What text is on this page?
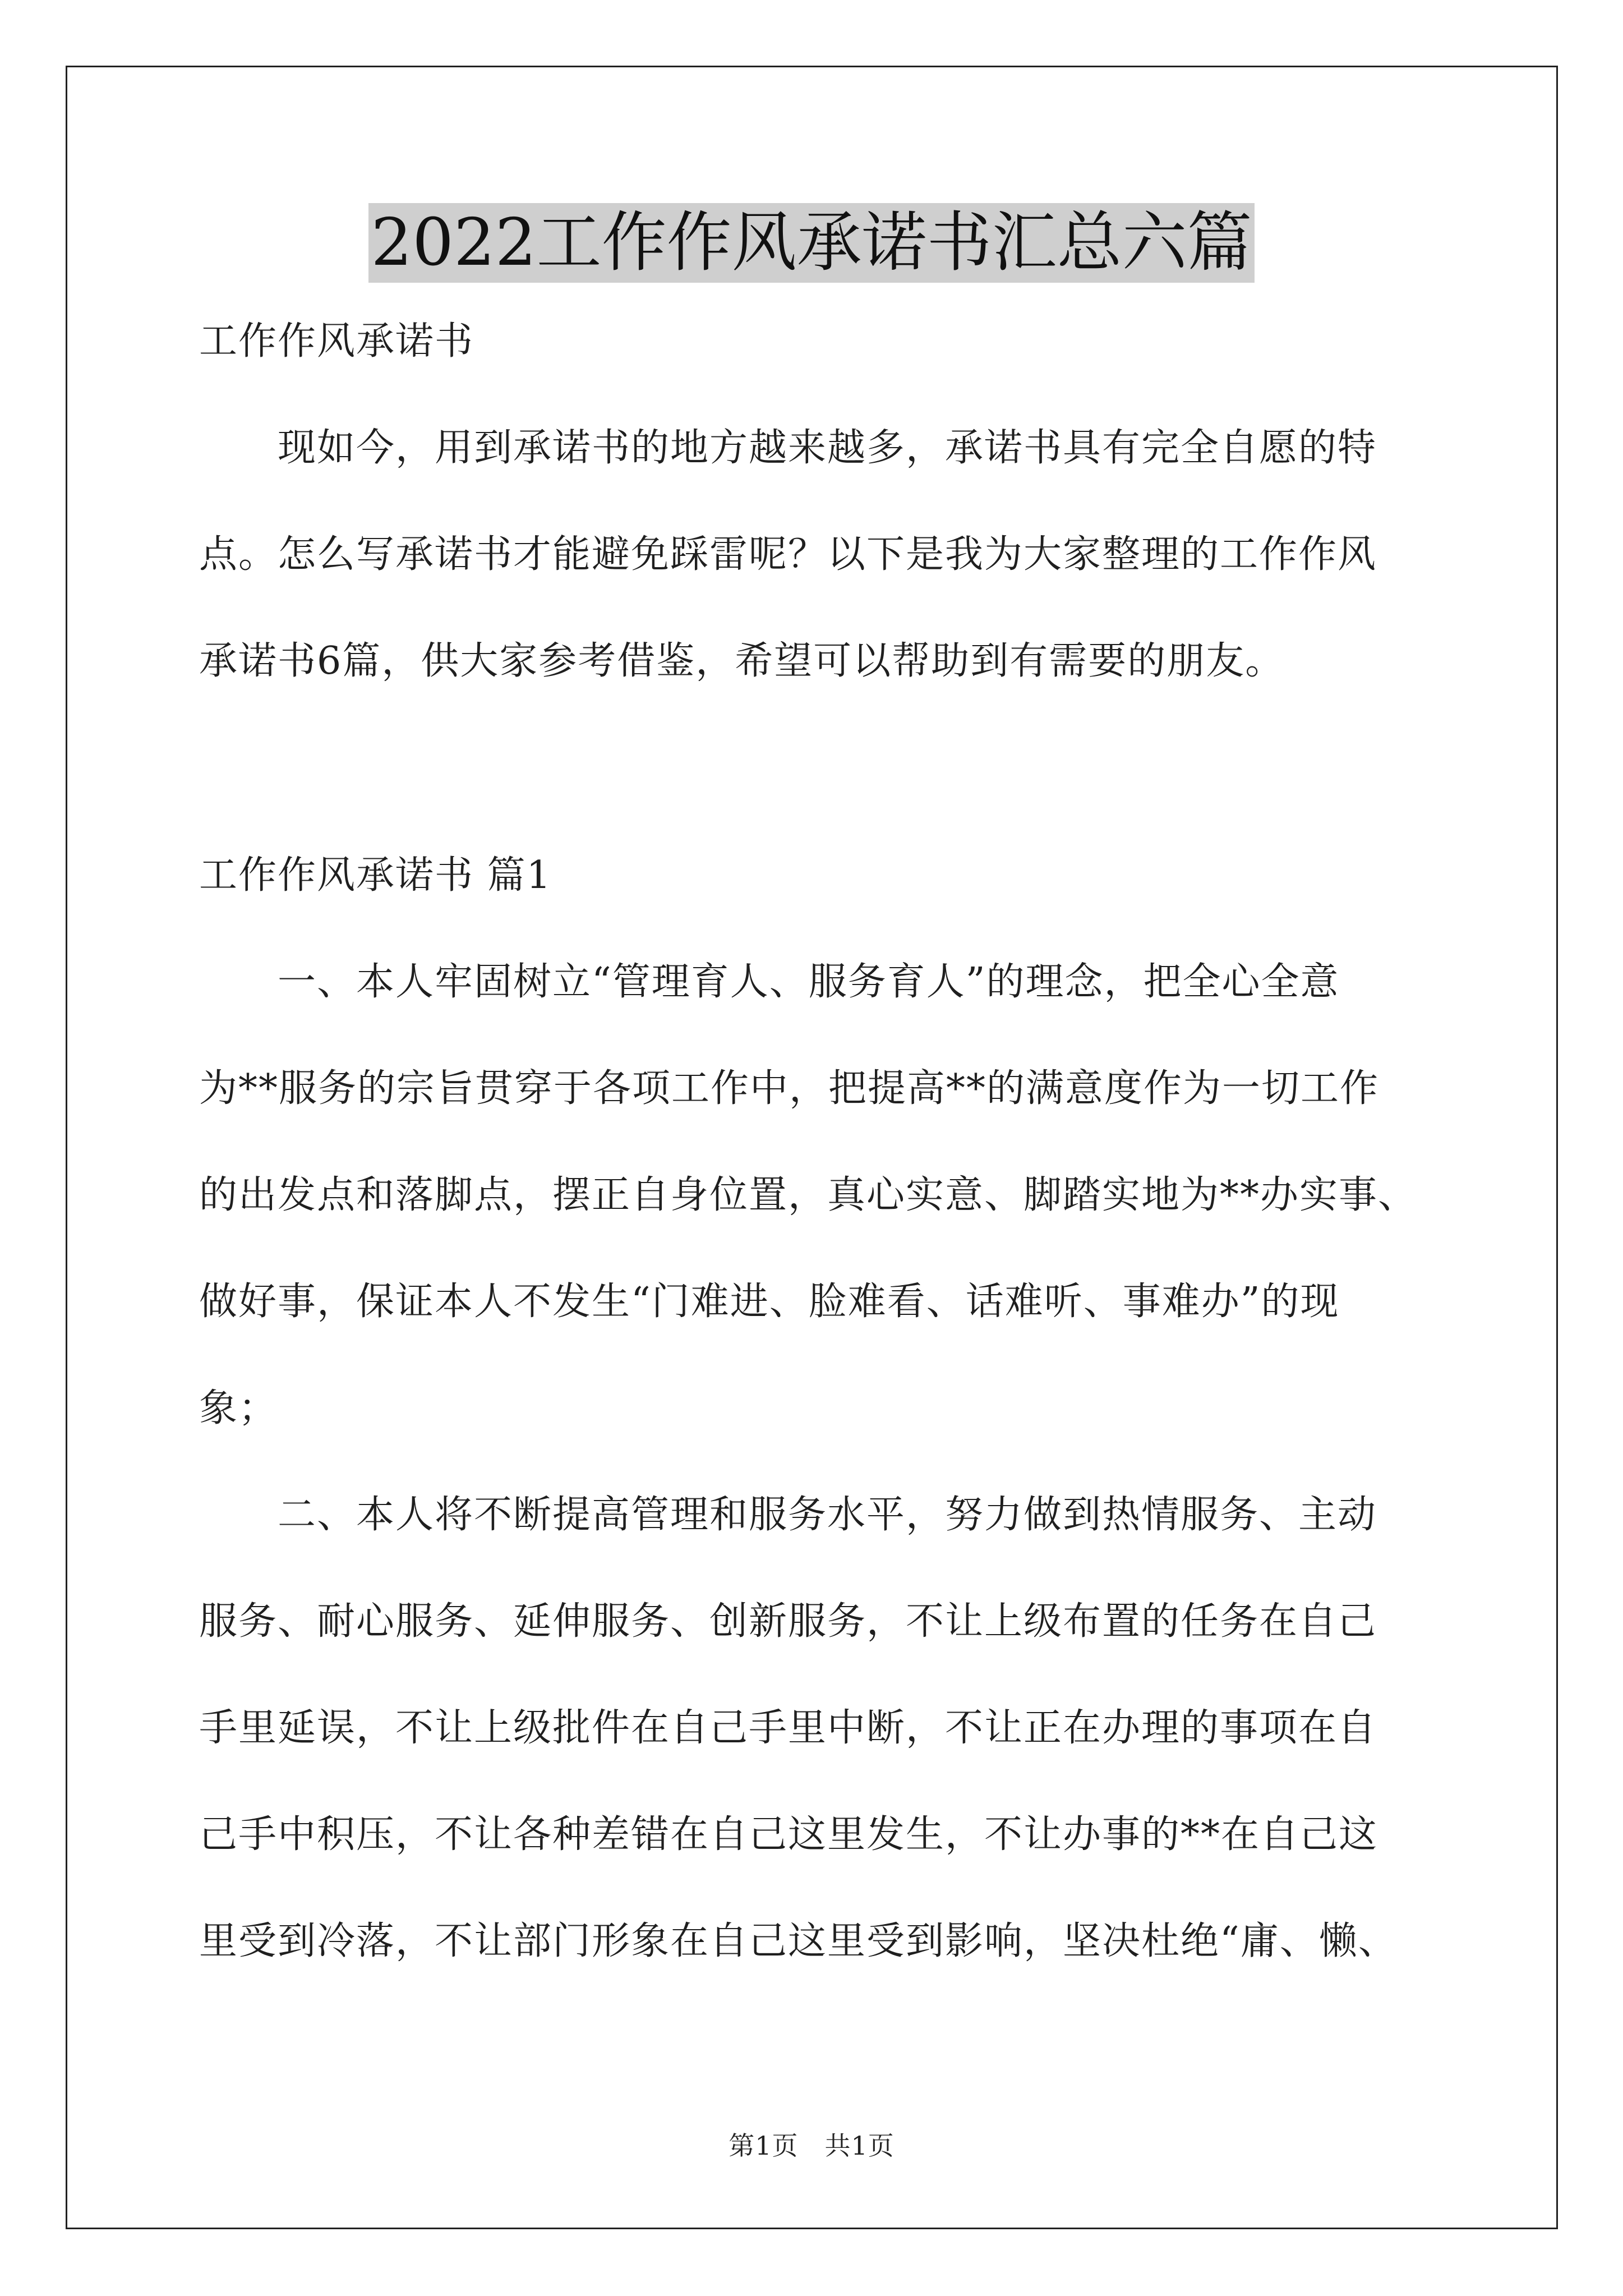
2022工作作风承诺书汇总六篇
工作作风承诺书
　　现如今，用到承诺书的地方越来越多，承诺书具有完全自愿的特
点。怎么写承诺书才能避免踩雷呢？以下是我为大家整理的工作作风
承诺书6篇，供大家参考借鉴，希望可以帮助到有需要的朋友。
工作作风承诺书 篇1
　　一、本人牢固树立“管理育人、服务育人”的理念，把全心全意
为**服务的宗旨贯穿于各项工作中，把提高**的满意度作为一切工作
的出发点和落脚点，摆正自身位置，真心实意、脚踏实地为**办实事、
做好事，保证本人不发生“门难进、脸难看、话难听、事难办”的现
象；
　　二、本人将不断提高管理和服务水平，努力做到热情服务、主动
服务、耐心服务、延伸服务、创新服务，不让上级布置的任务在自己
手里延误，不让上级批件在自己手里中断，不让正在办理的事项在自
己手中积压，不让各种差错在自己这里发生，不让办事的**在自己这
里受到冷落，不让部门形象在自己这里受到影响，坚决杜绝“庸、懒、
第1页　共1页
